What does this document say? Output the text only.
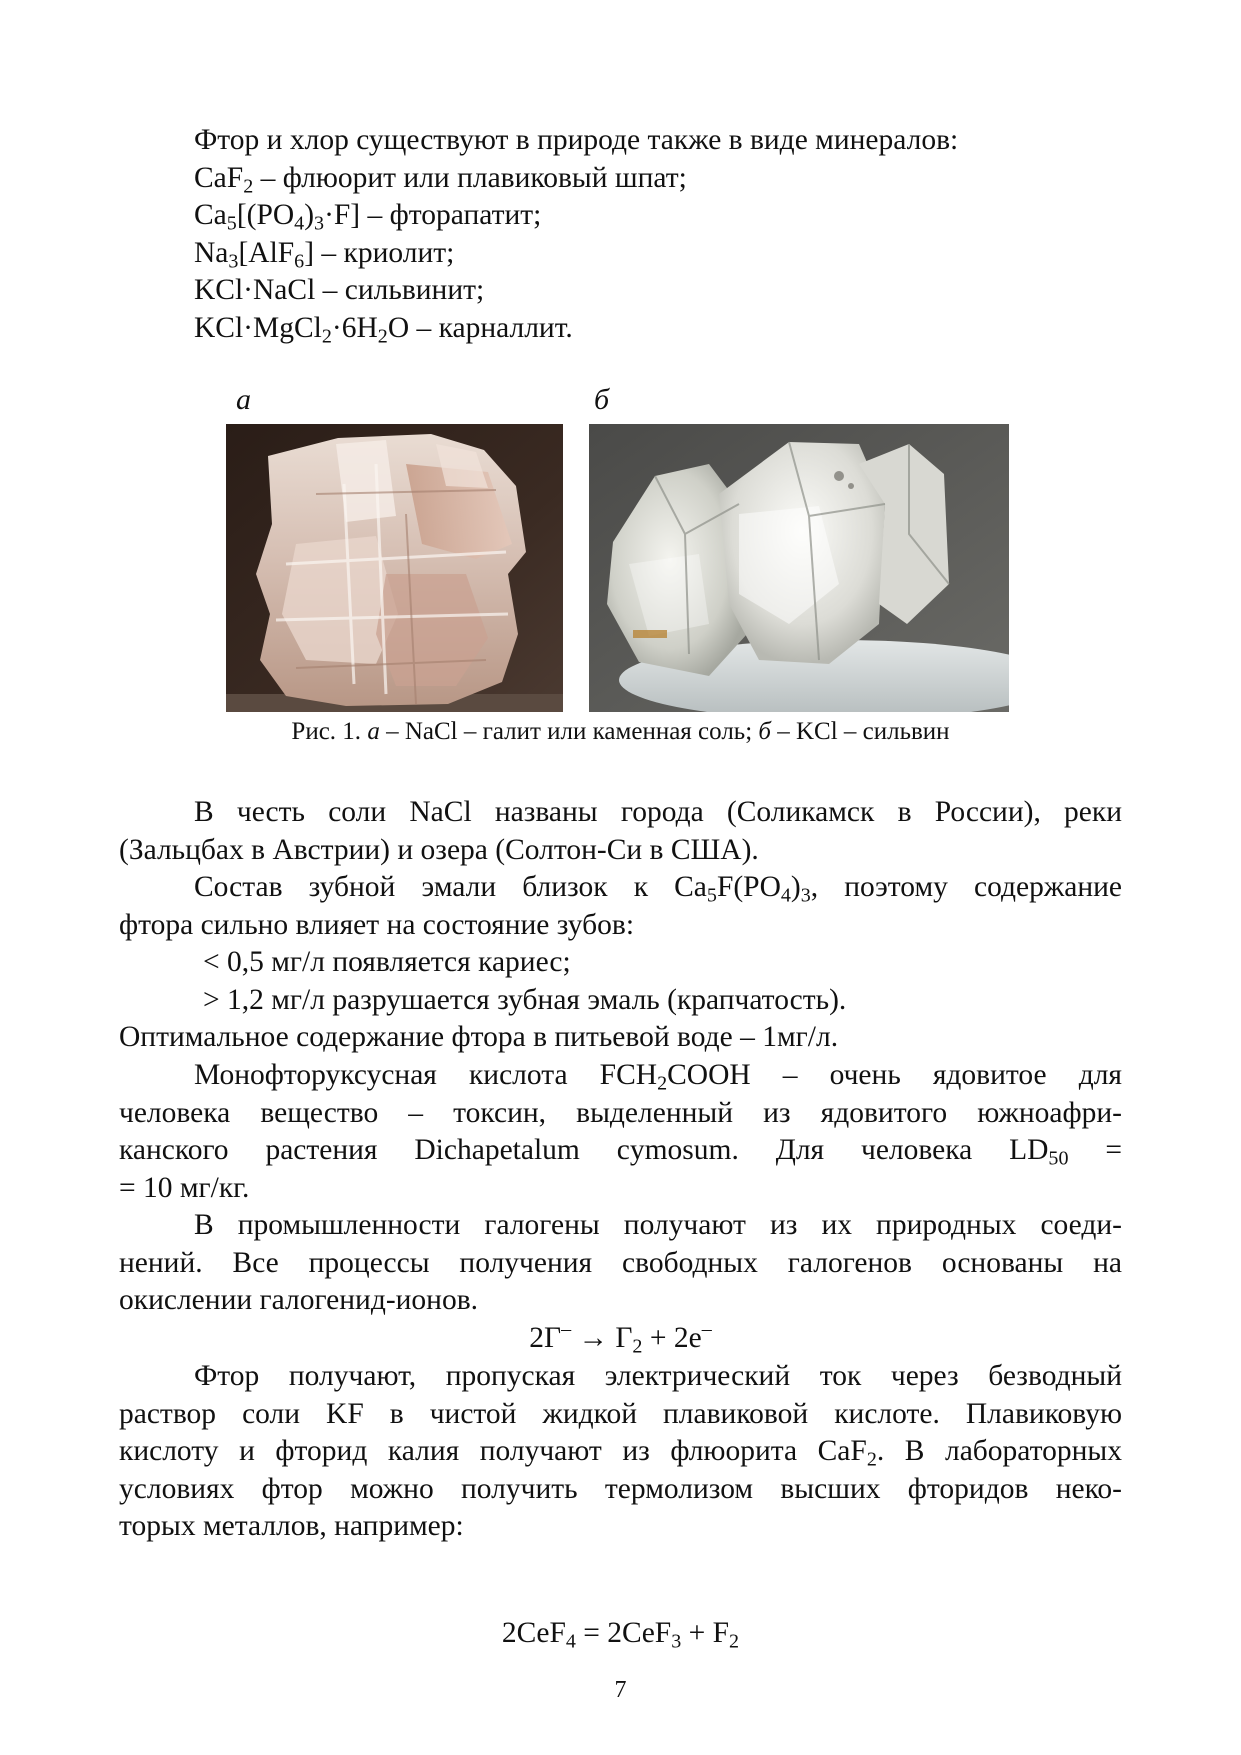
Фтор и хлор существуют в природе также в виде минералов:
CaF$_2$ – флюорит или плавиковый шпат;
$Ca_5[(PO_4)_3\cdot F]$ – фторапатит;
$Na_3[AlF_6]$ – криолит;
KCl·NaCl – сильвинит;
$KCl\cdot MgCl_2\cdot 6H_2O$ – карналлит.
а	б
Рис. 1. а – NaCl – галит или каменная соль; б – KCl – сильвин
В честь соли NaCl названы города (Соликамск в России), реки
(Зальцбах в Австрии) и озера (Солтон-Си в США).
Состав зубной эмали близок к $Ca_5F(PO_4)_3$, поэтому содержание
фтора сильно влияет на состояние зубов:
< 0,5 мг/л появляется кариес;
> 1,2 мг/л разрушается зубная эмаль (крапчатость).
Оптимальное содержание фтора в питьевой воде – 1мг/л.
Монофторуксусная кислота $FCH_2COOH$ – очень ядовитое для
человека вещество – токсин, выделенный из ядовитого южноафри-
канского растения Dichapetalum cymosum. Для человека $LD_{50}$ =
= 10 мг/кг.
В промышленности галогены получают из их природных соеди-
нений. Все процессы получения свободных галогенов основаны на
окислении галогенид-ионов.
$2Г^- \to Г_2 + 2e^-$
Фтор получают, пропуская электрический ток через безводный
раствор соли KF в чистой жидкой плавиковой кислоте. Плавиковую
кислоту и фторид калия получают из флюорита CaF$_2$. В лабораторных
условиях фтор можно получить термолизом высших фторидов неко-
торых металлов, например:
$2CeF_4 = 2CeF_3 + F_2$
7
